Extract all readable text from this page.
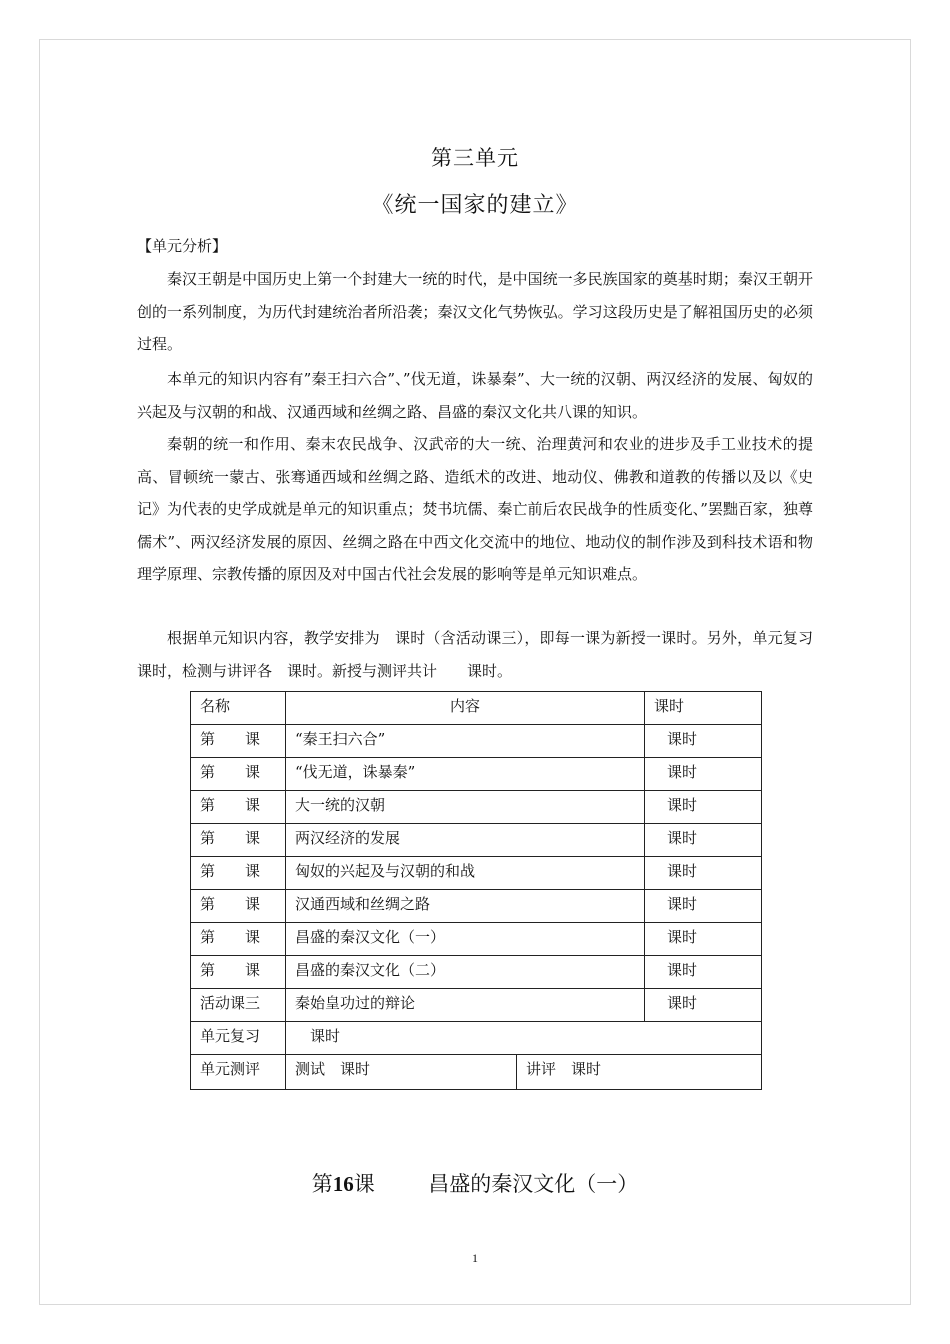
第三单元
《统一国家的建立》
【单元分析】

秦汉王朝是中国历史上第一个封建大一统的时代，是中国统一多民族国家的奠基时期；秦汉王朝开创的一系列制度，为历代封建统治者所沿袭；秦汉文化气势恢弘。学习这段历史是了解祖国历史的必须过程。

本单元的知识内容有”秦王扫六合”、”伐无道，诛暴秦”、大一统的汉朝、两汉经济的发展、匈奴的兴起及与汉朝的和战、汉通西域和丝绸之路、昌盛的秦汉文化共八课的知识。

秦朝的统一和作用、秦末农民战争、汉武帝的大一统、治理黄河和农业的进步及手工业技术的提高、冒顿统一蒙古、张骞通西域和丝绸之路、造纸术的改进、地动仪、佛教和道教的传播以及以《史记》为代表的史学成就是单元的知识重点；焚书坑儒、秦亡前后农民战争的性质变化、”罢黜百家，独尊儒术”、两汉经济发展的原因、丝绸之路在中西文化交流中的地位、地动仪的制作涉及到科技术语和物理学原理、宗教传播的原因及对中国古代社会发展的影响等是单元知识难点。

根据单元知识内容，教学安排为　课时（含活动课三），即每一课为新授一课时。另外，单元复习　课时，检测与讲评各　课时。新授与测评共计　　课时。

名称	内容		课时
第　　课	“秦王扫六合”		课时
第　　课	“伐无道，诛暴秦”		课时
第　　课	大一统的汉朝		课时
第　　课	两汉经济的发展		课时
第　　课	匈奴的兴起及与汉朝的和战		课时
第　　课	汉通西域和丝绸之路		课时
第　　课	昌盛的秦汉文化（一）		课时
第　　课	昌盛的秦汉文化（二）		课时
活动课三	秦始皇功过的辩论		课时
单元复习	　课时		
单元测评	测试　课时	讲评　课时	
第16课	昌盛的秦汉文化（一）
1
